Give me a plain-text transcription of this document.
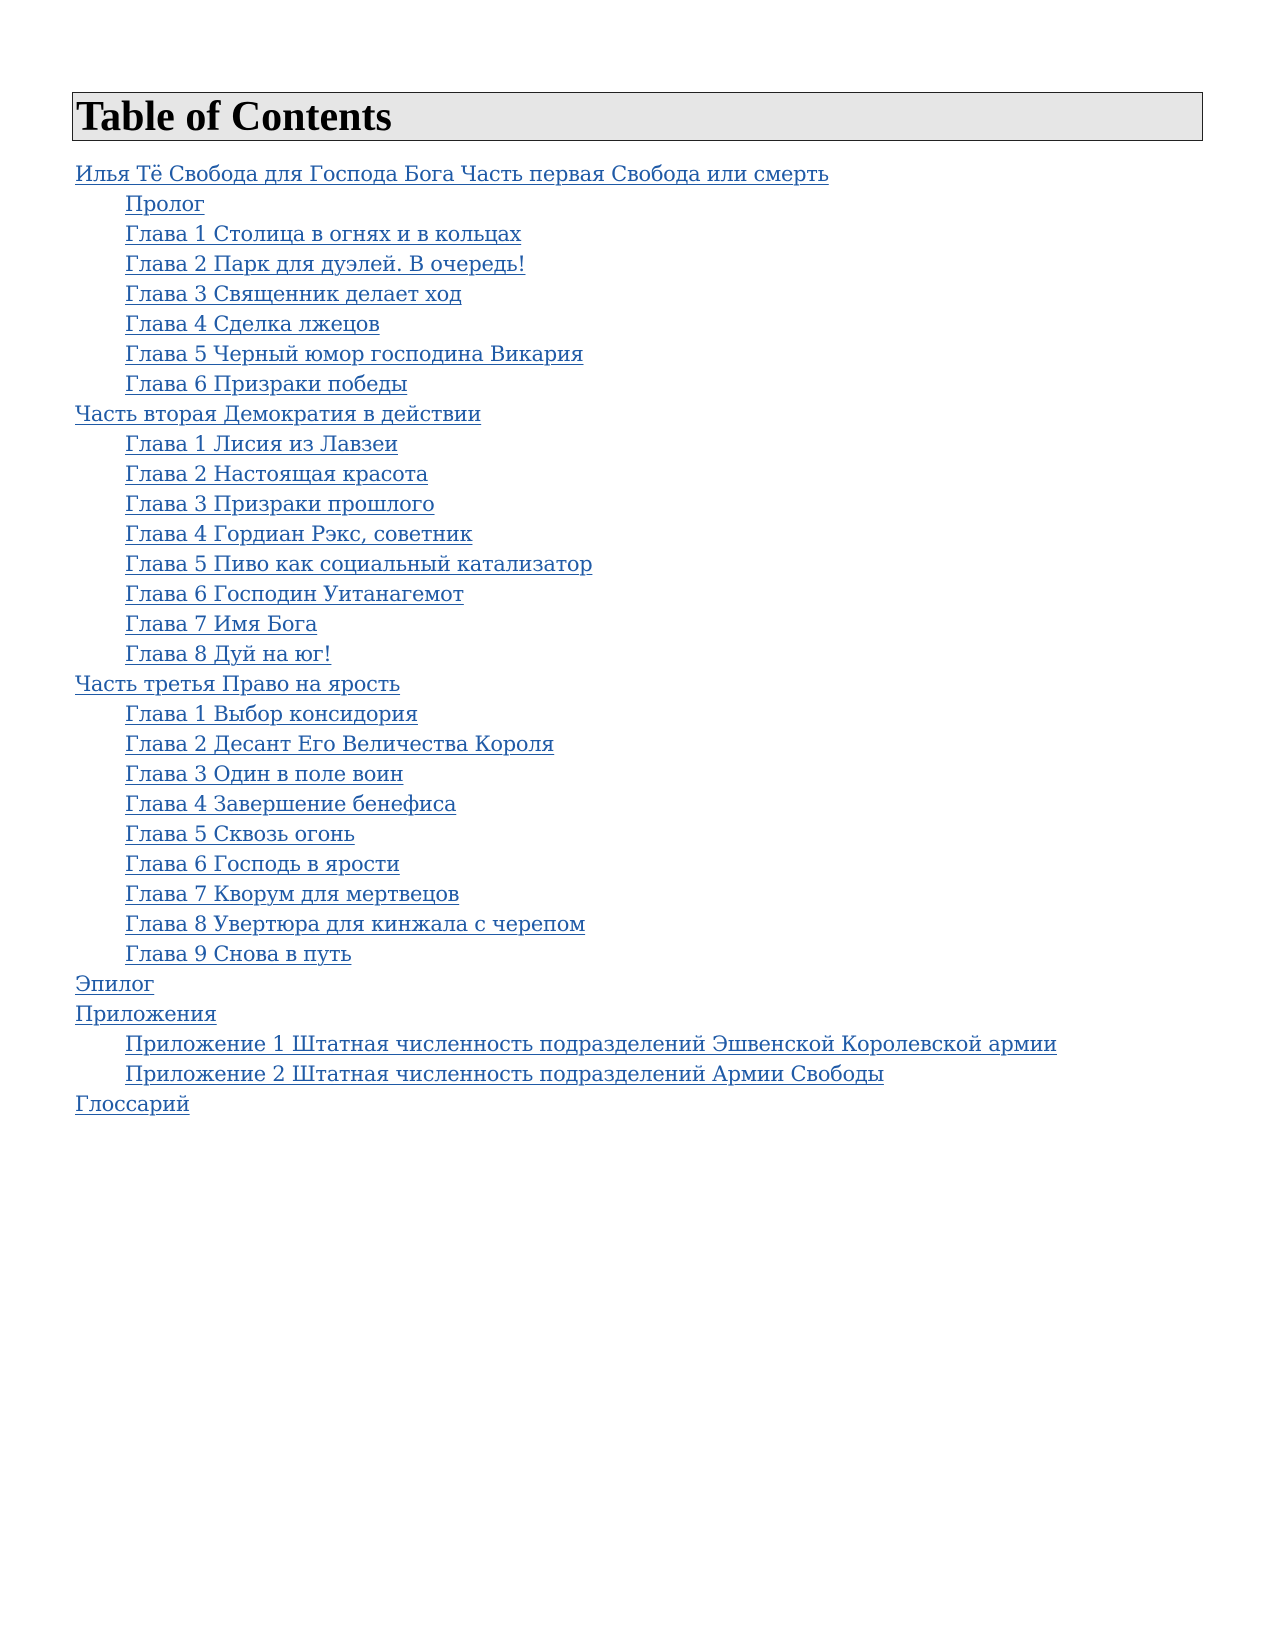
Table of Contents
Илья Тё Свобода для Господа Бога Часть первая Свобода или смерть
Пролог
Глава 1 Столица в огнях и в кольцах
Глава 2 Парк для дуэлей. В очередь!
Глава 3 Священник делает ход
Глава 4 Сделка лжецов
Глава 5 Черный юмор господина Викария
Глава 6 Призраки победы
Часть вторая Демократия в действии
Глава 1 Лисия из Лавзеи
Глава 2 Настоящая красота
Глава 3 Призраки прошлого
Глава 4 Гордиан Рэкс, советник
Глава 5 Пиво как социальный катализатор
Глава 6 Господин Уитанагемот
Глава 7 Имя Бога
Глава 8 Дуй на юг!
Часть третья Право на ярость
Глава 1 Выбор консидория
Глава 2 Десант Его Величества Короля
Глава 3 Один в поле воин
Глава 4 Завершение бенефиса
Глава 5 Сквозь огонь
Глава 6 Господь в ярости
Глава 7 Кворум для мертвецов
Глава 8 Увертюра для кинжала с черепом
Глава 9 Снова в путь
Эпилог
Приложения
Приложение 1 Штатная численность подразделений Эшвенской Королевской армии
Приложение 2 Штатная численность подразделений Армии Свободы
Глоссарий
